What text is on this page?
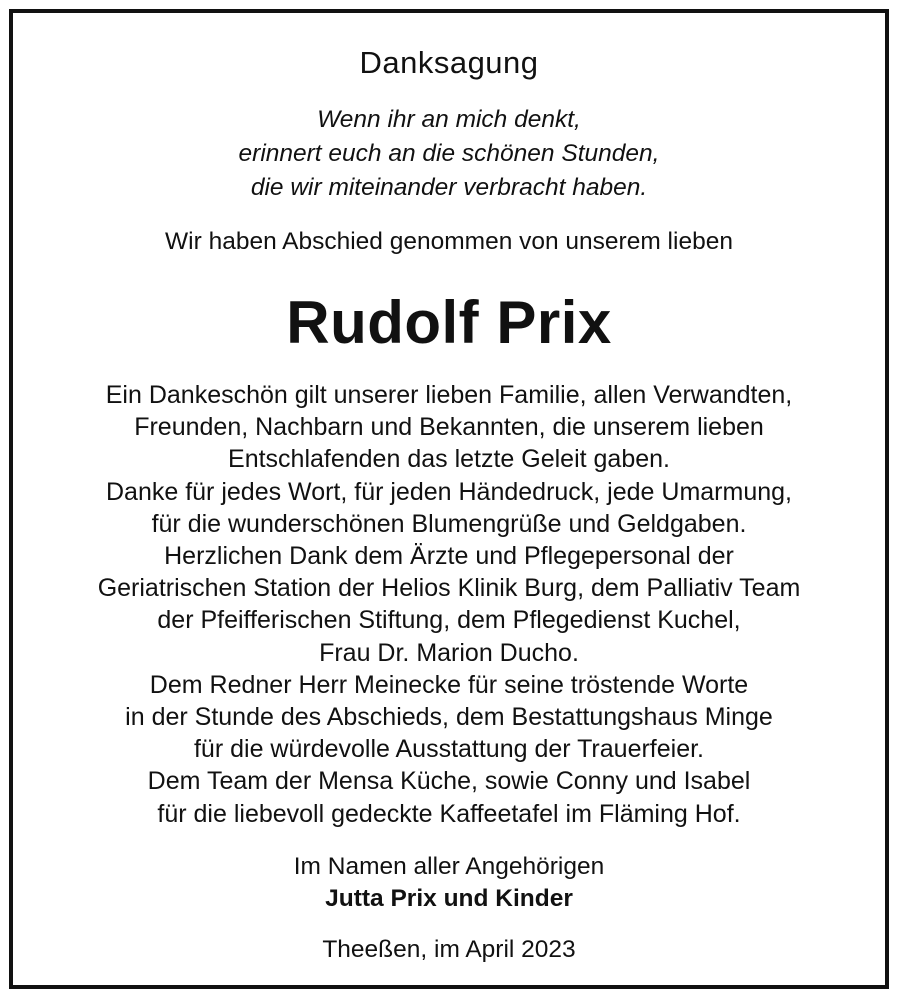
Danksagung
Wenn ihr an mich denkt,
erinnert euch an die schönen Stunden,
die wir miteinander verbracht haben.
Wir haben Abschied genommen von unserem lieben
Rudolf Prix
Ein Dankeschön gilt unserer lieben Familie, allen Verwandten,
Freunden, Nachbarn und Bekannten, die unserem lieben
Entschlafenden das letzte Geleit gaben.
Danke für jedes Wort, für jeden Händedruck, jede Umarmung,
für die wunderschönen Blumengrüße und Geldgaben.
Herzlichen Dank dem Ärzte und Pflegepersonal der
Geriatrischen Station der Helios Klinik Burg, dem Palliativ Team
der Pfeifferischen Stiftung, dem Pflegedienst Kuchel,
Frau Dr. Marion Ducho.
Dem Redner Herr Meinecke für seine tröstende Worte
in der Stunde des Abschieds, dem Bestattungshaus Minge
für die würdevolle Ausstattung der Trauerfeier.
Dem Team der Mensa Küche, sowie Conny und Isabel
für die liebevoll gedeckte Kaffeetafel im Fläming Hof.
Im Namen aller Angehörigen
Jutta Prix und Kinder
Theeßen, im April 2023
